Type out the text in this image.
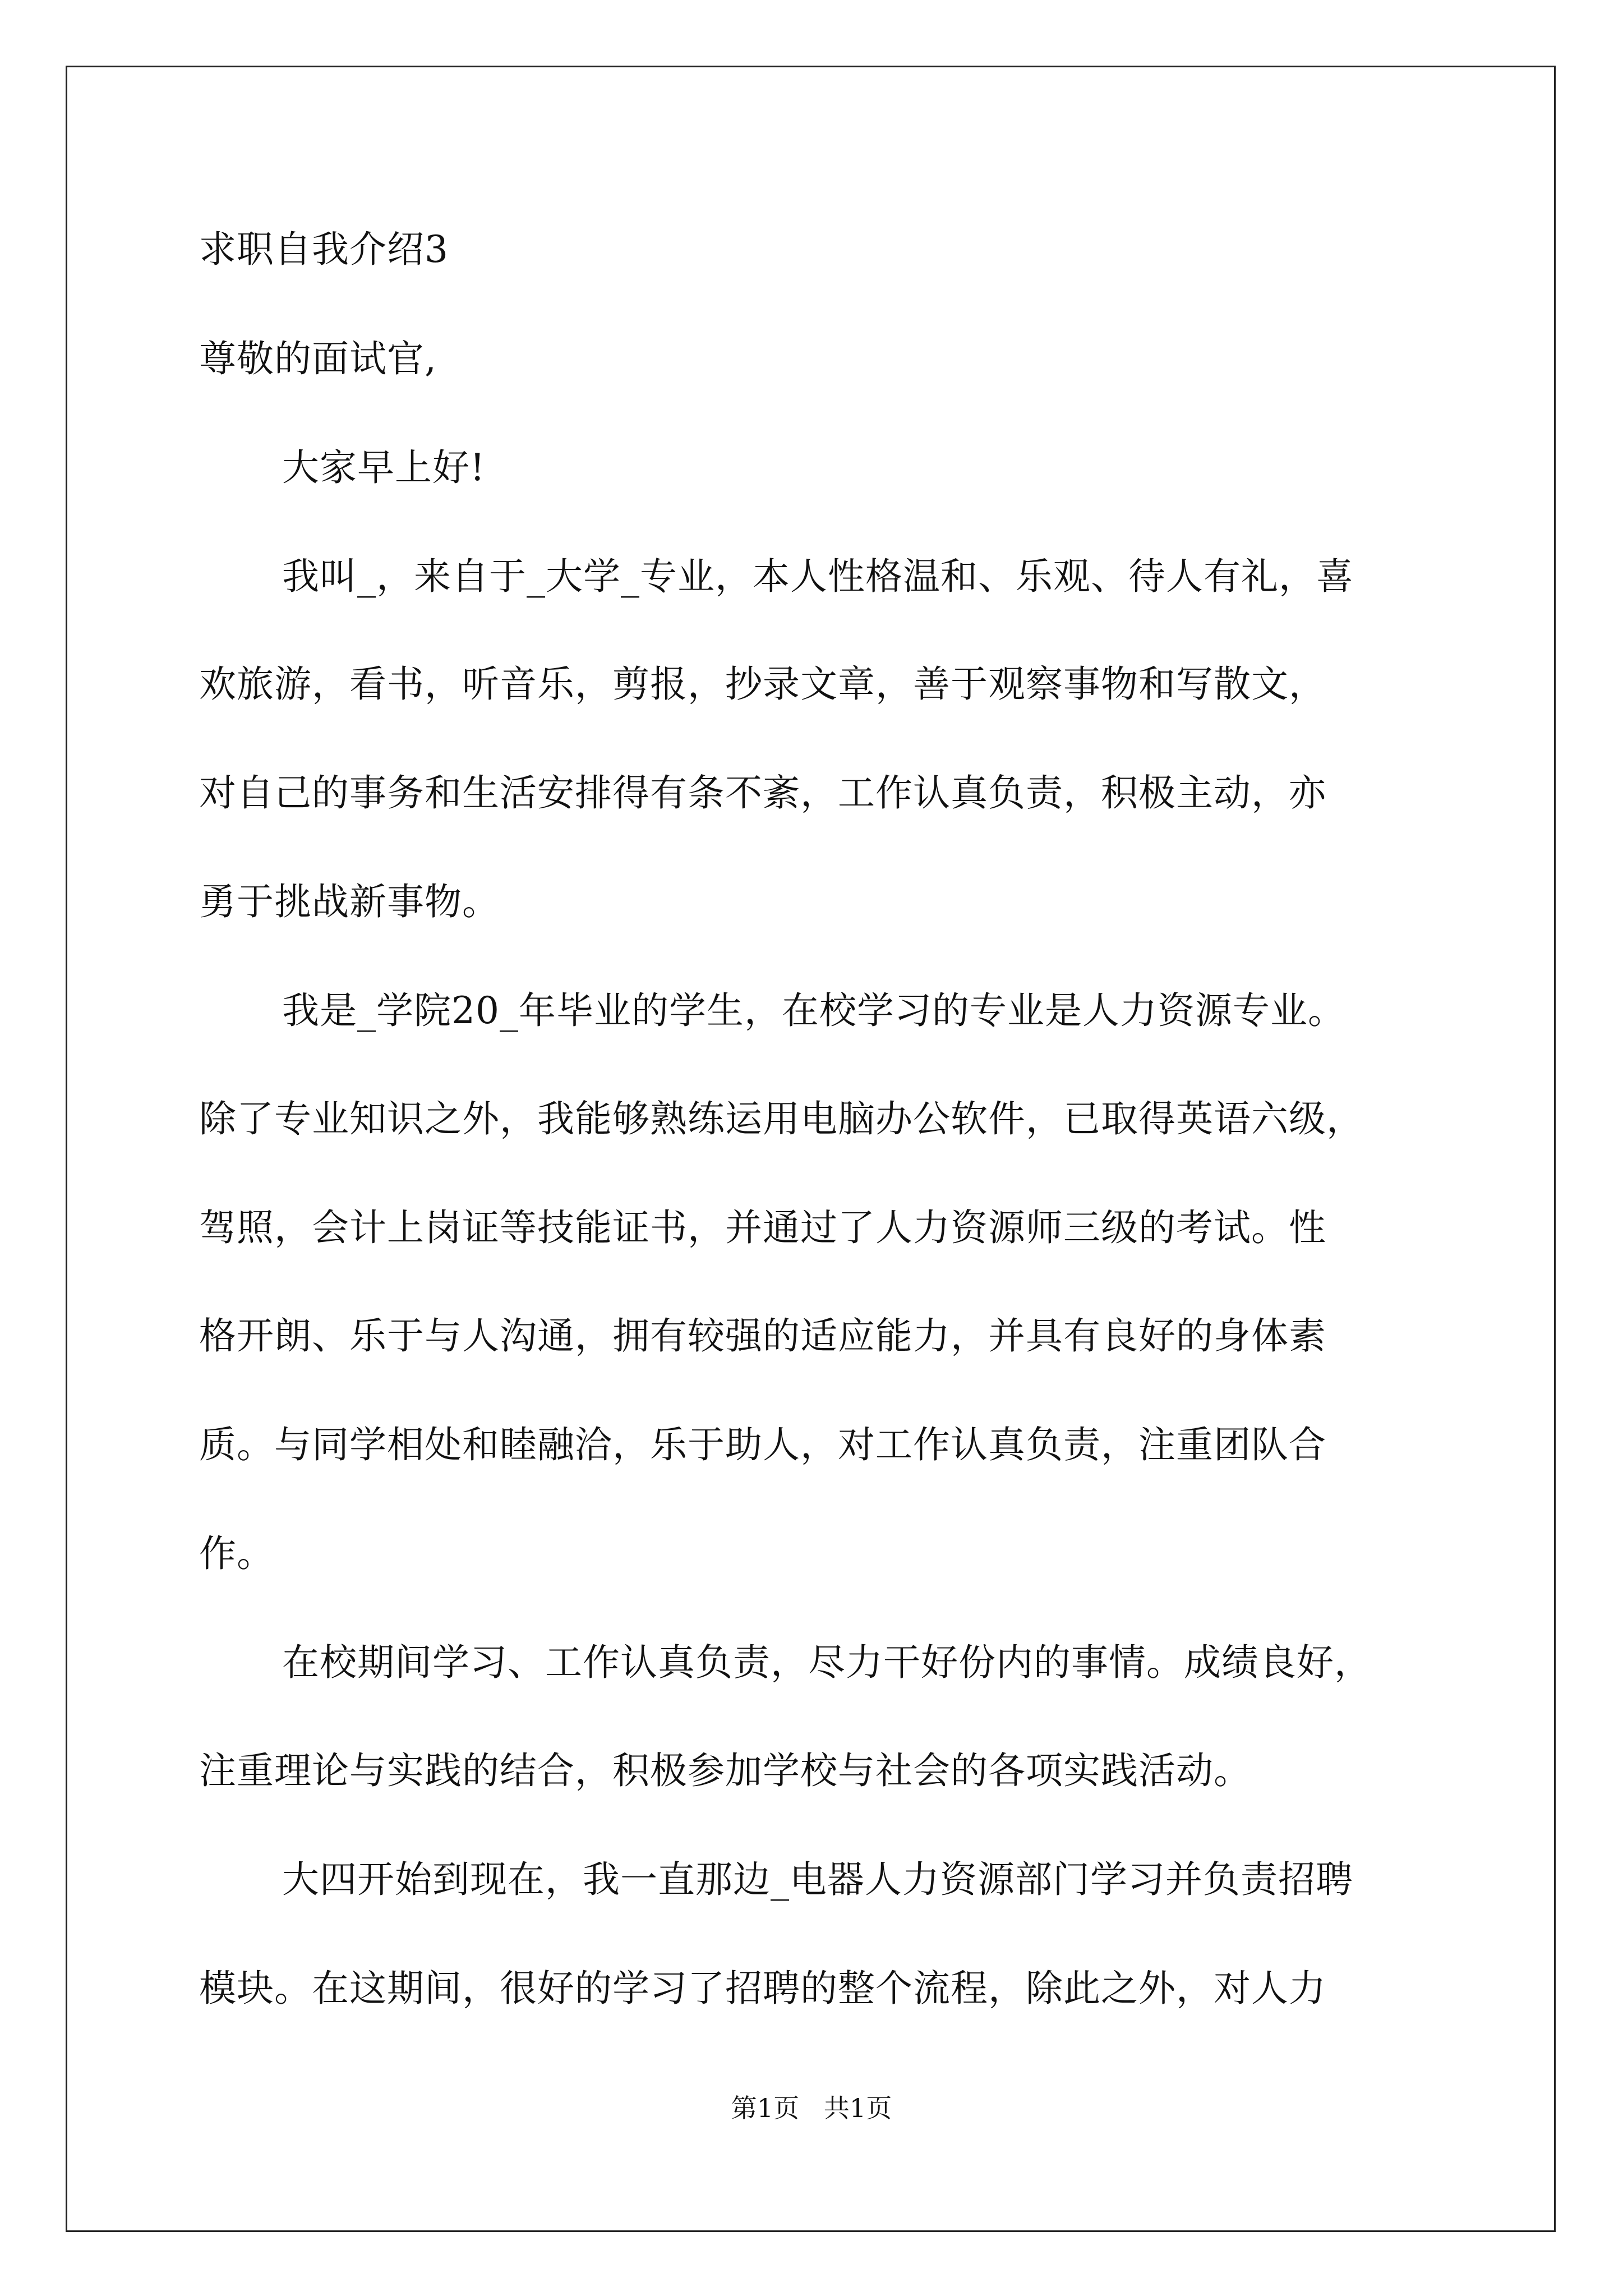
求职自我介绍3
尊敬的面试官,
大家早上好!
我叫_，来自于_大学_专业，本人性格温和、乐观、待人有礼，喜
欢旅游，看书，听音乐，剪报，抄录文章，善于观察事物和写散文，
对自己的事务和生活安排得有条不紊，工作认真负责，积极主动，亦
勇于挑战新事物。
我是_学院20_年毕业的学生，在校学习的专业是人力资源专业。
除了专业知识之外，我能够熟练运用电脑办公软件，已取得英语六级，
驾照，会计上岗证等技能证书，并通过了人力资源师三级的考试。性
格开朗、乐于与人沟通，拥有较强的适应能力，并具有良好的身体素
质。与同学相处和睦融洽，乐于助人，对工作认真负责，注重团队合
作。
在校期间学习、工作认真负责，尽力干好份内的事情。成绩良好，
注重理论与实践的结合，积极参加学校与社会的各项实践活动。
大四开始到现在，我一直那边_电器人力资源部门学习并负责招聘
模块。在这期间，很好的学习了招聘的整个流程，除此之外，对人力
第1页   共1页
